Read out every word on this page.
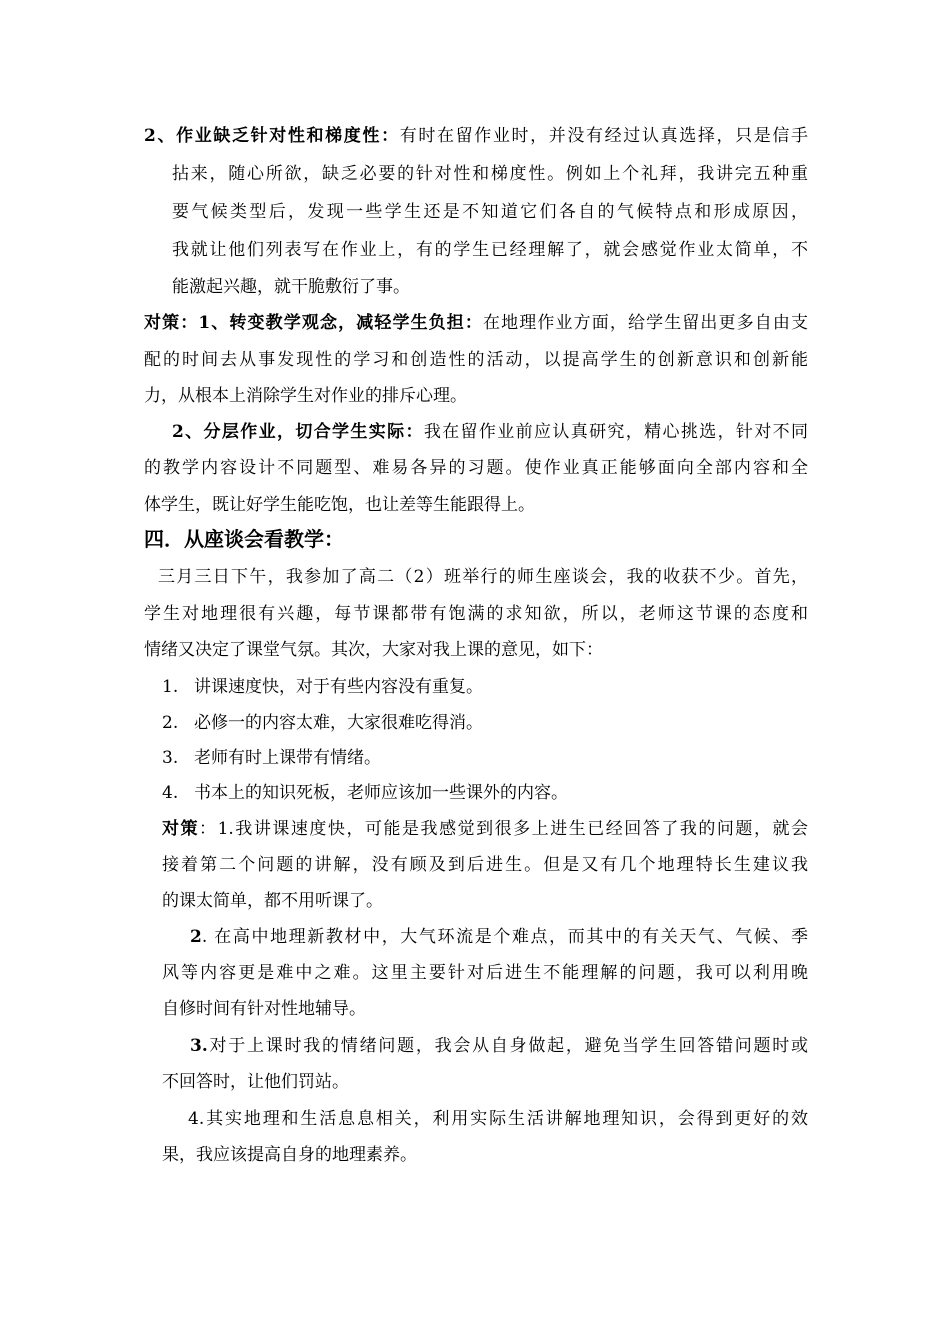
2、作业缺乏针对性和梯度性：有时在留作业时，并没有经过认真选择，只是信手
拈来，随心所欲，缺乏必要的针对性和梯度性。例如上个礼拜，我讲完五种重
要气候类型后，发现一些学生还是不知道它们各自的气候特点和形成原因，
我就让他们列表写在作业上，有的学生已经理解了，就会感觉作业太简单，不
能激起兴趣，就干脆敷衍了事。
对策：1、转变教学观念，减轻学生负担：在地理作业方面，给学生留出更多自由支
配的时间去从事发现性的学习和创造性的活动，以提高学生的创新意识和创新能
力，从根本上消除学生对作业的排斥心理。
2、分层作业，切合学生实际：我在留作业前应认真研究，精心挑选，针对不同
的教学内容设计不同题型、难易各异的习题。使作业真正能够面向全部内容和全
体学生，既让好学生能吃饱，也让差等生能跟得上。
四．从座谈会看教学：
三月三日下午，我参加了高二（2）班举行的师生座谈会，我的收获不少。首先，
学生对地理很有兴趣，每节课都带有饱满的求知欲，所以，老师这节课的态度和
情绪又决定了课堂气氛。其次，大家对我上课的意见，如下：
1. 讲课速度快，对于有些内容没有重复。
2. 必修一的内容太难，大家很难吃得消。
3. 老师有时上课带有情绪。
4. 书本上的知识死板，老师应该加一些课外的内容。
对策：1.我讲课速度快，可能是我感觉到很多上进生已经回答了我的问题，就会
接着第二个问题的讲解，没有顾及到后进生。但是又有几个地理特长生建议我
的课太简单，都不用听课了。
2. 在高中地理新教材中，大气环流是个难点，而其中的有关天气、气候、季
风等内容更是难中之难。这里主要针对后进生不能理解的问题，我可以利用晚
自修时间有针对性地辅导。
3.对于上课时我的情绪问题，我会从自身做起，避免当学生回答错问题时或
不回答时，让他们罚站。
4.其实地理和生活息息相关，利用实际生活讲解地理知识，会得到更好的效
果，我应该提高自身的地理素养。
